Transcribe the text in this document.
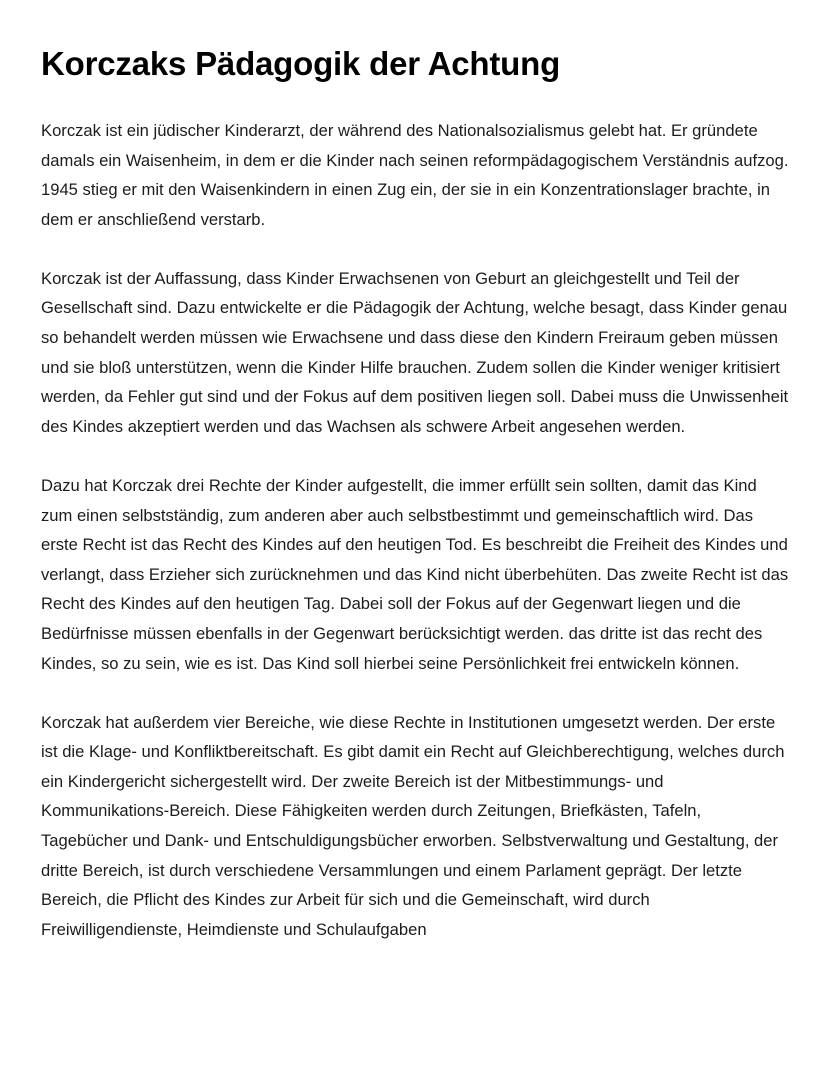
Korczaks Pädagogik der Achtung

Korczak ist ein jüdischer Kinderarzt, der während des Nationalsozialismus gelebt hat. Er gründete damals ein Waisenheim, in dem er die Kinder nach seinen reformpädagogischem Verständnis aufzog. 1945 stieg er mit den Waisenkindern in einen Zug ein, der sie in ein Konzentrationslager brachte, in dem er anschließend verstarb.

Korczak ist der Auffassung, dass Kinder Erwachsenen von Geburt an gleichgestellt und Teil der Gesellschaft sind. Dazu entwickelte er die Pädagogik der Achtung, welche besagt, dass Kinder genau so behandelt werden müssen wie Erwachsene und dass diese den Kindern Freiraum geben müssen und sie bloß unterstützen, wenn die Kinder Hilfe brauchen. Zudem sollen die Kinder weniger kritisiert werden, da Fehler gut sind und der Fokus auf dem positiven liegen soll. Dabei muss die Unwissenheit des Kindes akzeptiert werden und das Wachsen als schwere Arbeit angesehen werden.

Dazu hat Korczak drei Rechte der Kinder aufgestellt, die immer erfüllt sein sollten, damit das Kind zum einen selbstständig, zum anderen aber auch selbstbestimmt und gemeinschaftlich wird. Das erste Recht ist das Recht des Kindes auf den heutigen Tod. Es beschreibt die Freiheit des Kindes und verlangt, dass Erzieher sich zurücknehmen und das Kind nicht überbehüten. Das zweite Recht ist das Recht des Kindes auf den heutigen Tag. Dabei soll der Fokus auf der Gegenwart liegen und die Bedürfnisse müssen ebenfalls in der Gegenwart berücksichtigt werden. das dritte ist das recht des Kindes, so zu sein, wie es ist. Das Kind soll hierbei seine Persönlichkeit frei entwickeln können.

Korczak hat außerdem vier Bereiche, wie diese Rechte in Institutionen umgesetzt werden. Der erste ist die Klage- und Konfliktbereitschaft. Es gibt damit ein Recht auf Gleichberechtigung, welches durch ein Kindergericht sichergestellt wird. Der zweite Bereich ist der Mitbestimmungs- und Kommunikations-Bereich. Diese Fähigkeiten werden durch Zeitungen, Briefkästen, Tafeln, Tagebücher und Dank- und Entschuldigungsbücher erworben. Selbstverwaltung und Gestaltung, der dritte Bereich, ist durch verschiedene Versammlungen und einem Parlament geprägt. Der letzte Bereich, die Pflicht des Kindes zur Arbeit für sich und die Gemeinschaft, wird durch Freiwilligendienste, Heimdienste und Schulaufgaben
